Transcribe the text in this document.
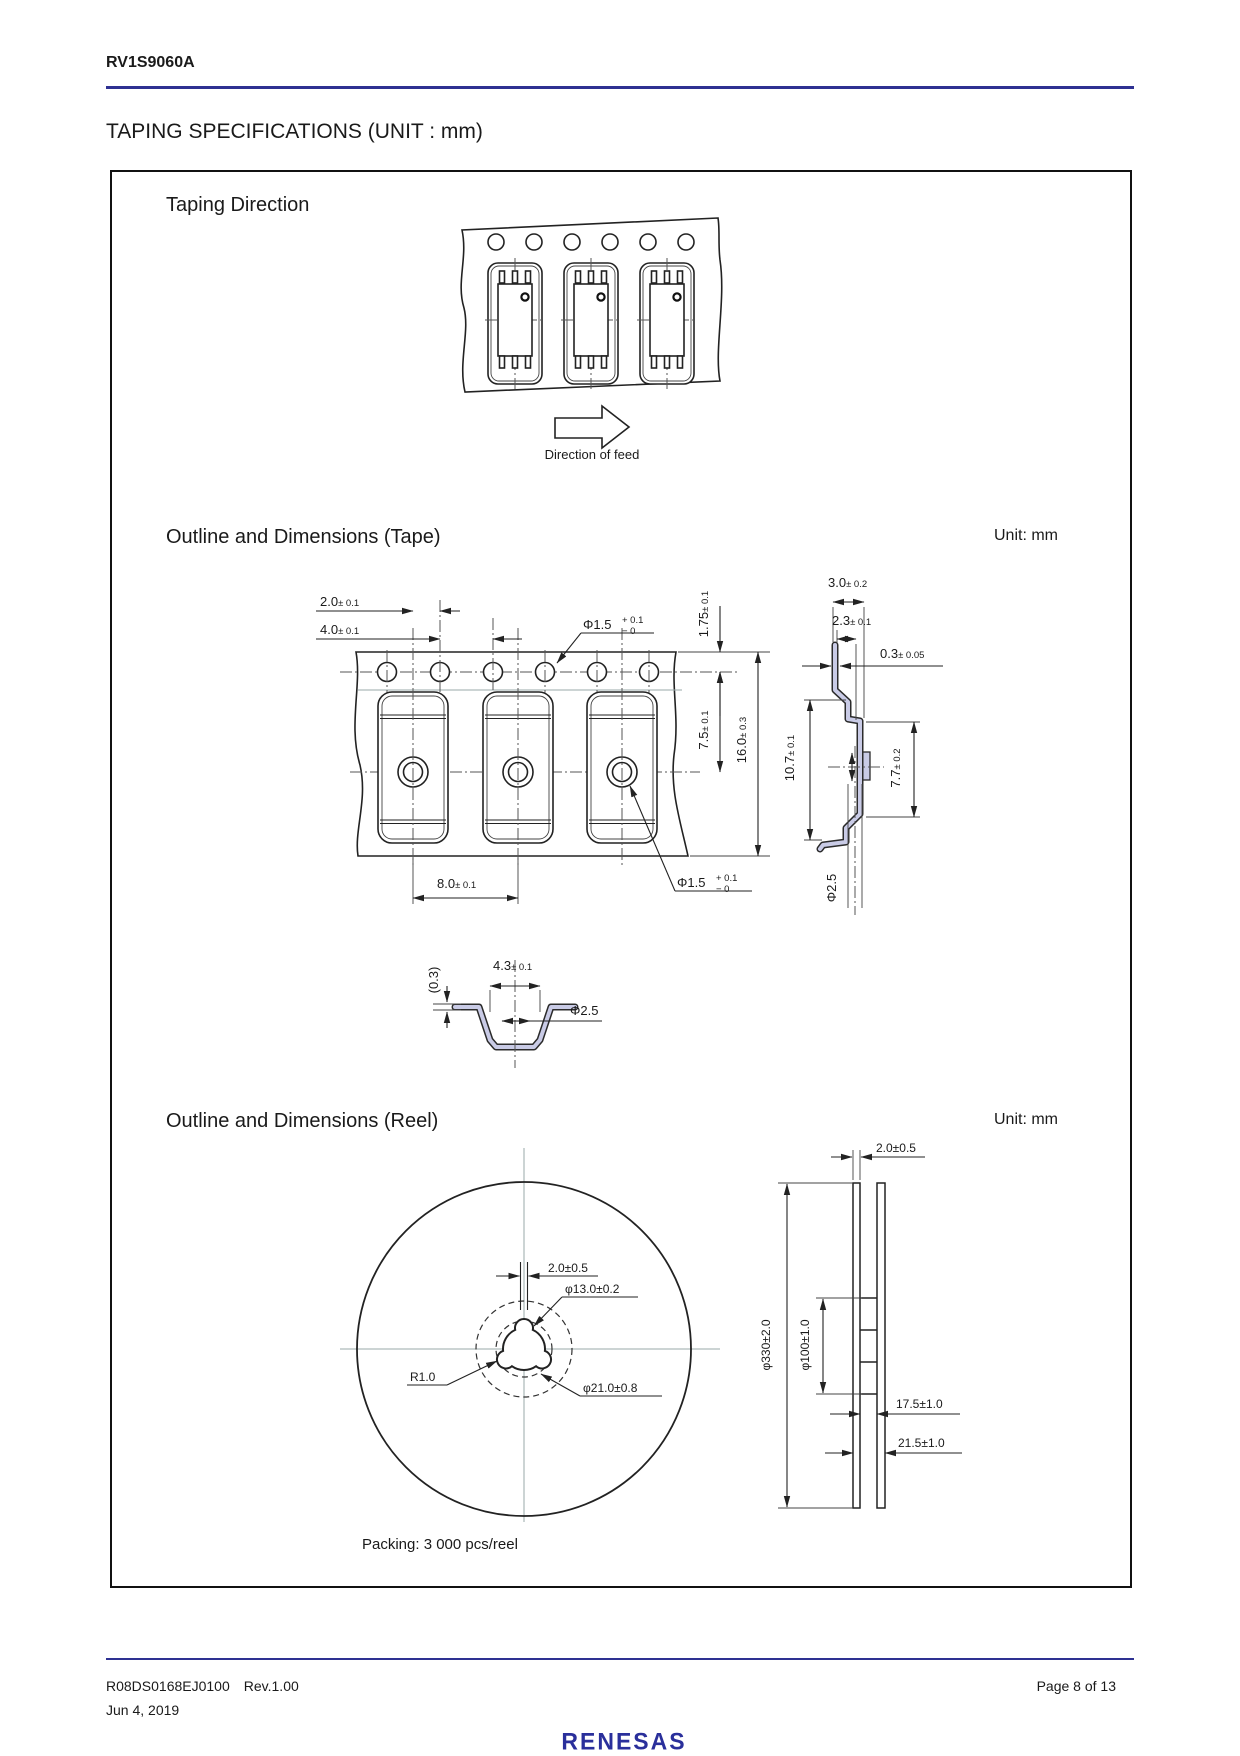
RV1S9060A
TAPING SPECIFICATIONS (UNIT : mm)
Taping Direction
Direction of feed
Outline and Dimensions (Tape)	Unit: mm
2.0± 0.1
4.0± 0.1	Φ1.5 + 0.1 − 0	1.75± 0.1
7.5± 0.1
16.0± 0.3
8.0± 0.1	Φ1.5 + 0.1 − 0
3.0± 0.2
2.3± 0.1
0.3± 0.05
10.7± 0.1
7.7± 0.2
Φ2.5
(0.3)
4.3± 0.1
Φ2.5
Outline and Dimensions (Reel)	Unit: mm
2.0±0.5
φ13.0±0.2
R1.0
φ21.0±0.8
2.0±0.5
φ330±2.0 φ100±1.0
17.5±1.0
21.5±1.0
Packing: 3 000 pcs/reel
R08DS0168EJ0100 Rev.1.00	Page 8 of 13
Jun 4, 2019
RENESAS
